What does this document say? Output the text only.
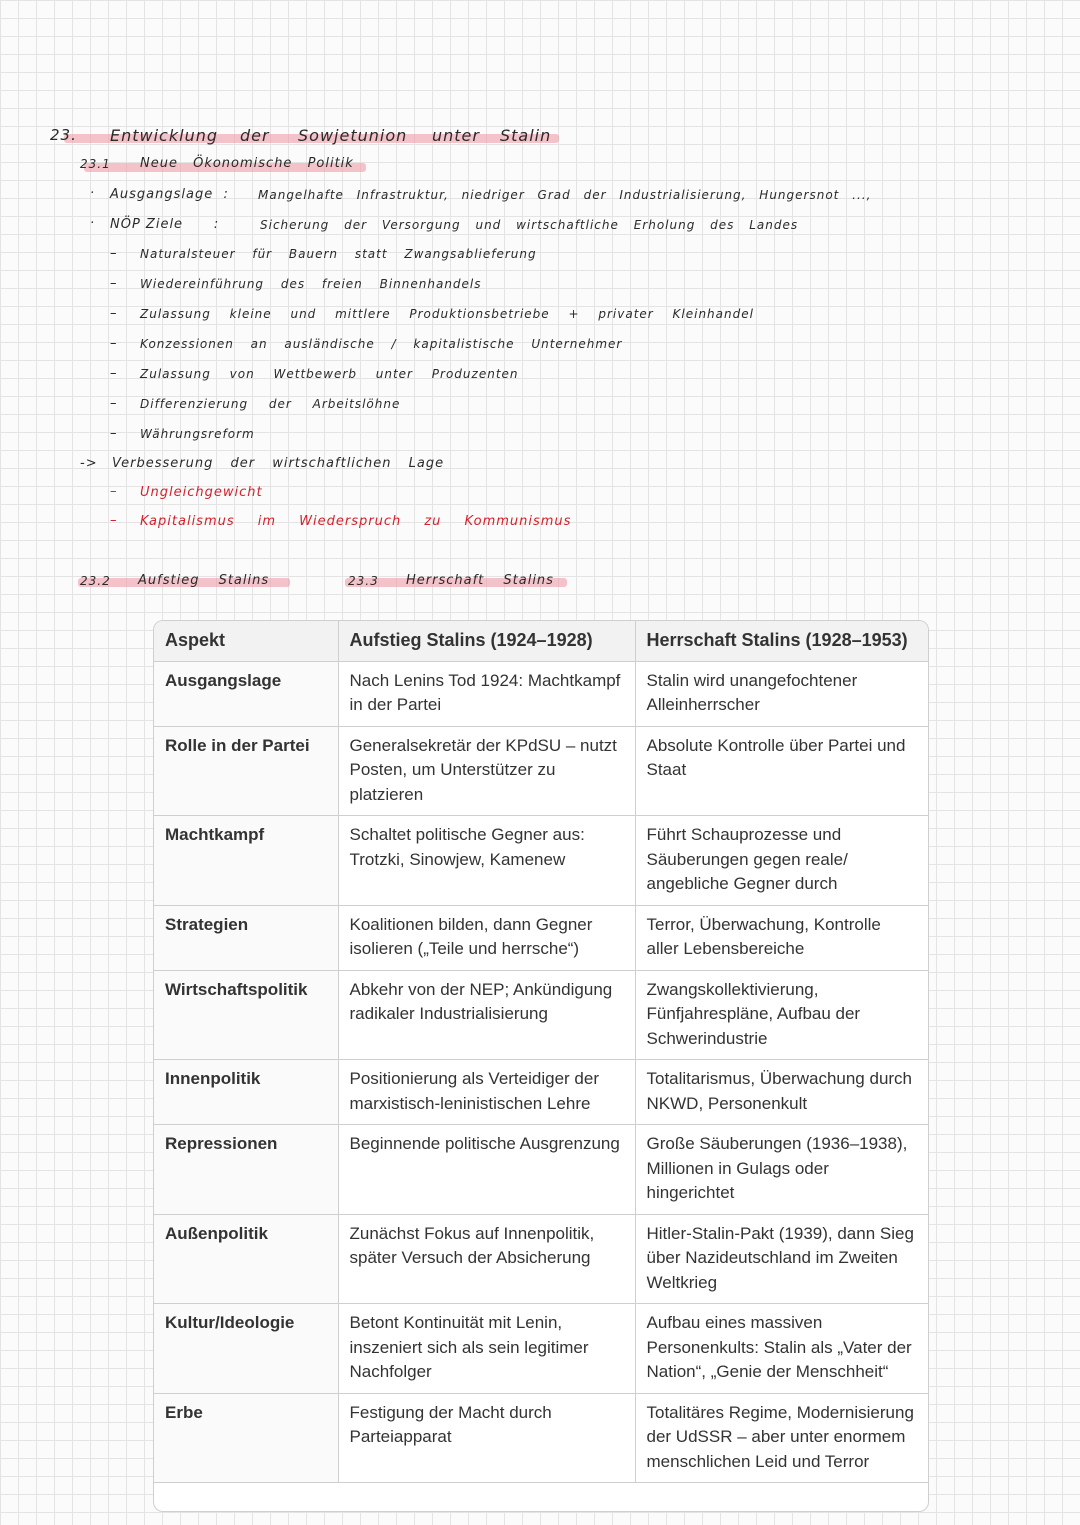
23. Entwicklung der Sowjetunion unter Stalin
23.1 Neue Ökonomische Politik
· Ausgangslage  : Mangelhafte Infrastruktur, niedriger Grad der Industrialisierung, Hungersnot ...,
· NÖP Ziele      :	Sicherung der Versorgung und wirtschaftliche Erholung des Landes
– Naturalsteuer für Bauern statt Zwangsablieferung
– Wiedereinführung des freien Binnenhandels
– Zulassung kleine und mittlere Produktionsbetriebe + privater Kleinhandel
– Konzessionen an ausländische / kapitalistische Unternehmer
– Zulassung von Wettbewerb unter Produzenten
– Differenzierung der Arbeitslöhne
– Währungsreform
-> Verbesserung der wirtschaftlichen Lage
– Ungleichgewicht
– Kapitalismus im Wiederspruch zu Kommunismus
23.2 Aufstieg Stalins	23.3 Herrschaft Stalins
Aspekt	Aufstieg Stalins (1924–1928)	Herrschaft Stalins (1928–1953)
Ausgangslage	Nach Lenins Tod 1924: Machtkampf in der Partei	Stalin wird unangefochtener Alleinherrscher
Rolle in der Partei	Generalsekretär der KPdSU – nutzt Posten, um Unterstützer zu platzieren	Absolute Kontrolle über Partei und Staat
Machtkampf	Schaltet politische Gegner aus: Trotzki, Sinowjew, Kamenew	Führt Schauprozesse und Säuberungen gegen reale/ angebliche Gegner durch
Strategien	Koalitionen bilden, dann Gegner isolieren („Teile und herrsche“)	Terror, Überwachung, Kontrolle aller Lebensbereiche
Wirtschaftspolitik	Abkehr von der NEP; Ankündigung radikaler Industrialisierung	Zwangskollektivierung, Fünfjahrespläne, Aufbau der Schwerindustrie
Innenpolitik	Positionierung als Verteidiger der marxistisch-leninistischen Lehre	Totalitarismus, Überwachung durch NKWD, Personenkult
Repressionen	Beginnende politische Ausgrenzung	Große Säuberungen (1936–1938), Millionen in Gulags oder hingerichtet
Außenpolitik	Zunächst Fokus auf Innenpolitik, später Versuch der Absicherung	Hitler-Stalin-Pakt (1939), dann Sieg über Nazideutschland im Zweiten Weltkrieg
Kultur/Ideologie	Betont Kontinuität mit Lenin, inszeniert sich als sein legitimer Nachfolger	Aufbau eines massiven Personenkults: Stalin als „Vater der Nation“, „Genie der Menschheit“
Erbe	Festigung der Macht durch Parteiapparat	Totalitäres Regime, Modernisierung der UdSSR – aber unter enormem menschlichen Leid und Terror
